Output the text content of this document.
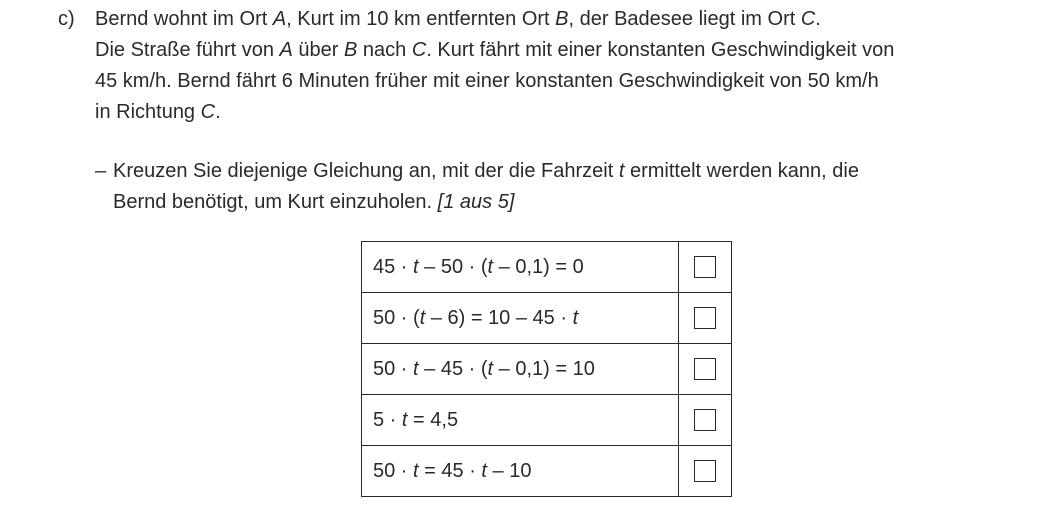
c) Bernd wohnt im Ort A, Kurt im 10 km entfernten Ort B, der Badesee liegt im Ort C.
Die Straße führt von A über B nach C. Kurt fährt mit einer konstanten Geschwindigkeit von
45 km/h. Bernd fährt 6 Minuten früher mit einer konstanten Geschwindigkeit von 50 km/h
in Richtung C.
– Kreuzen Sie diejenige Gleichung an, mit der die Fahrzeit t ermittelt werden kann, die
Bernd benötigt, um Kurt einzuholen. [1 aus 5]
45 · t – 50 · (t – 0,1) = 0	
50 · (t – 6) = 10 – 45 · t	
50 · t – 45 · (t – 0,1) = 10	
5 · t = 4,5	
50 · t = 45 · t – 10	
